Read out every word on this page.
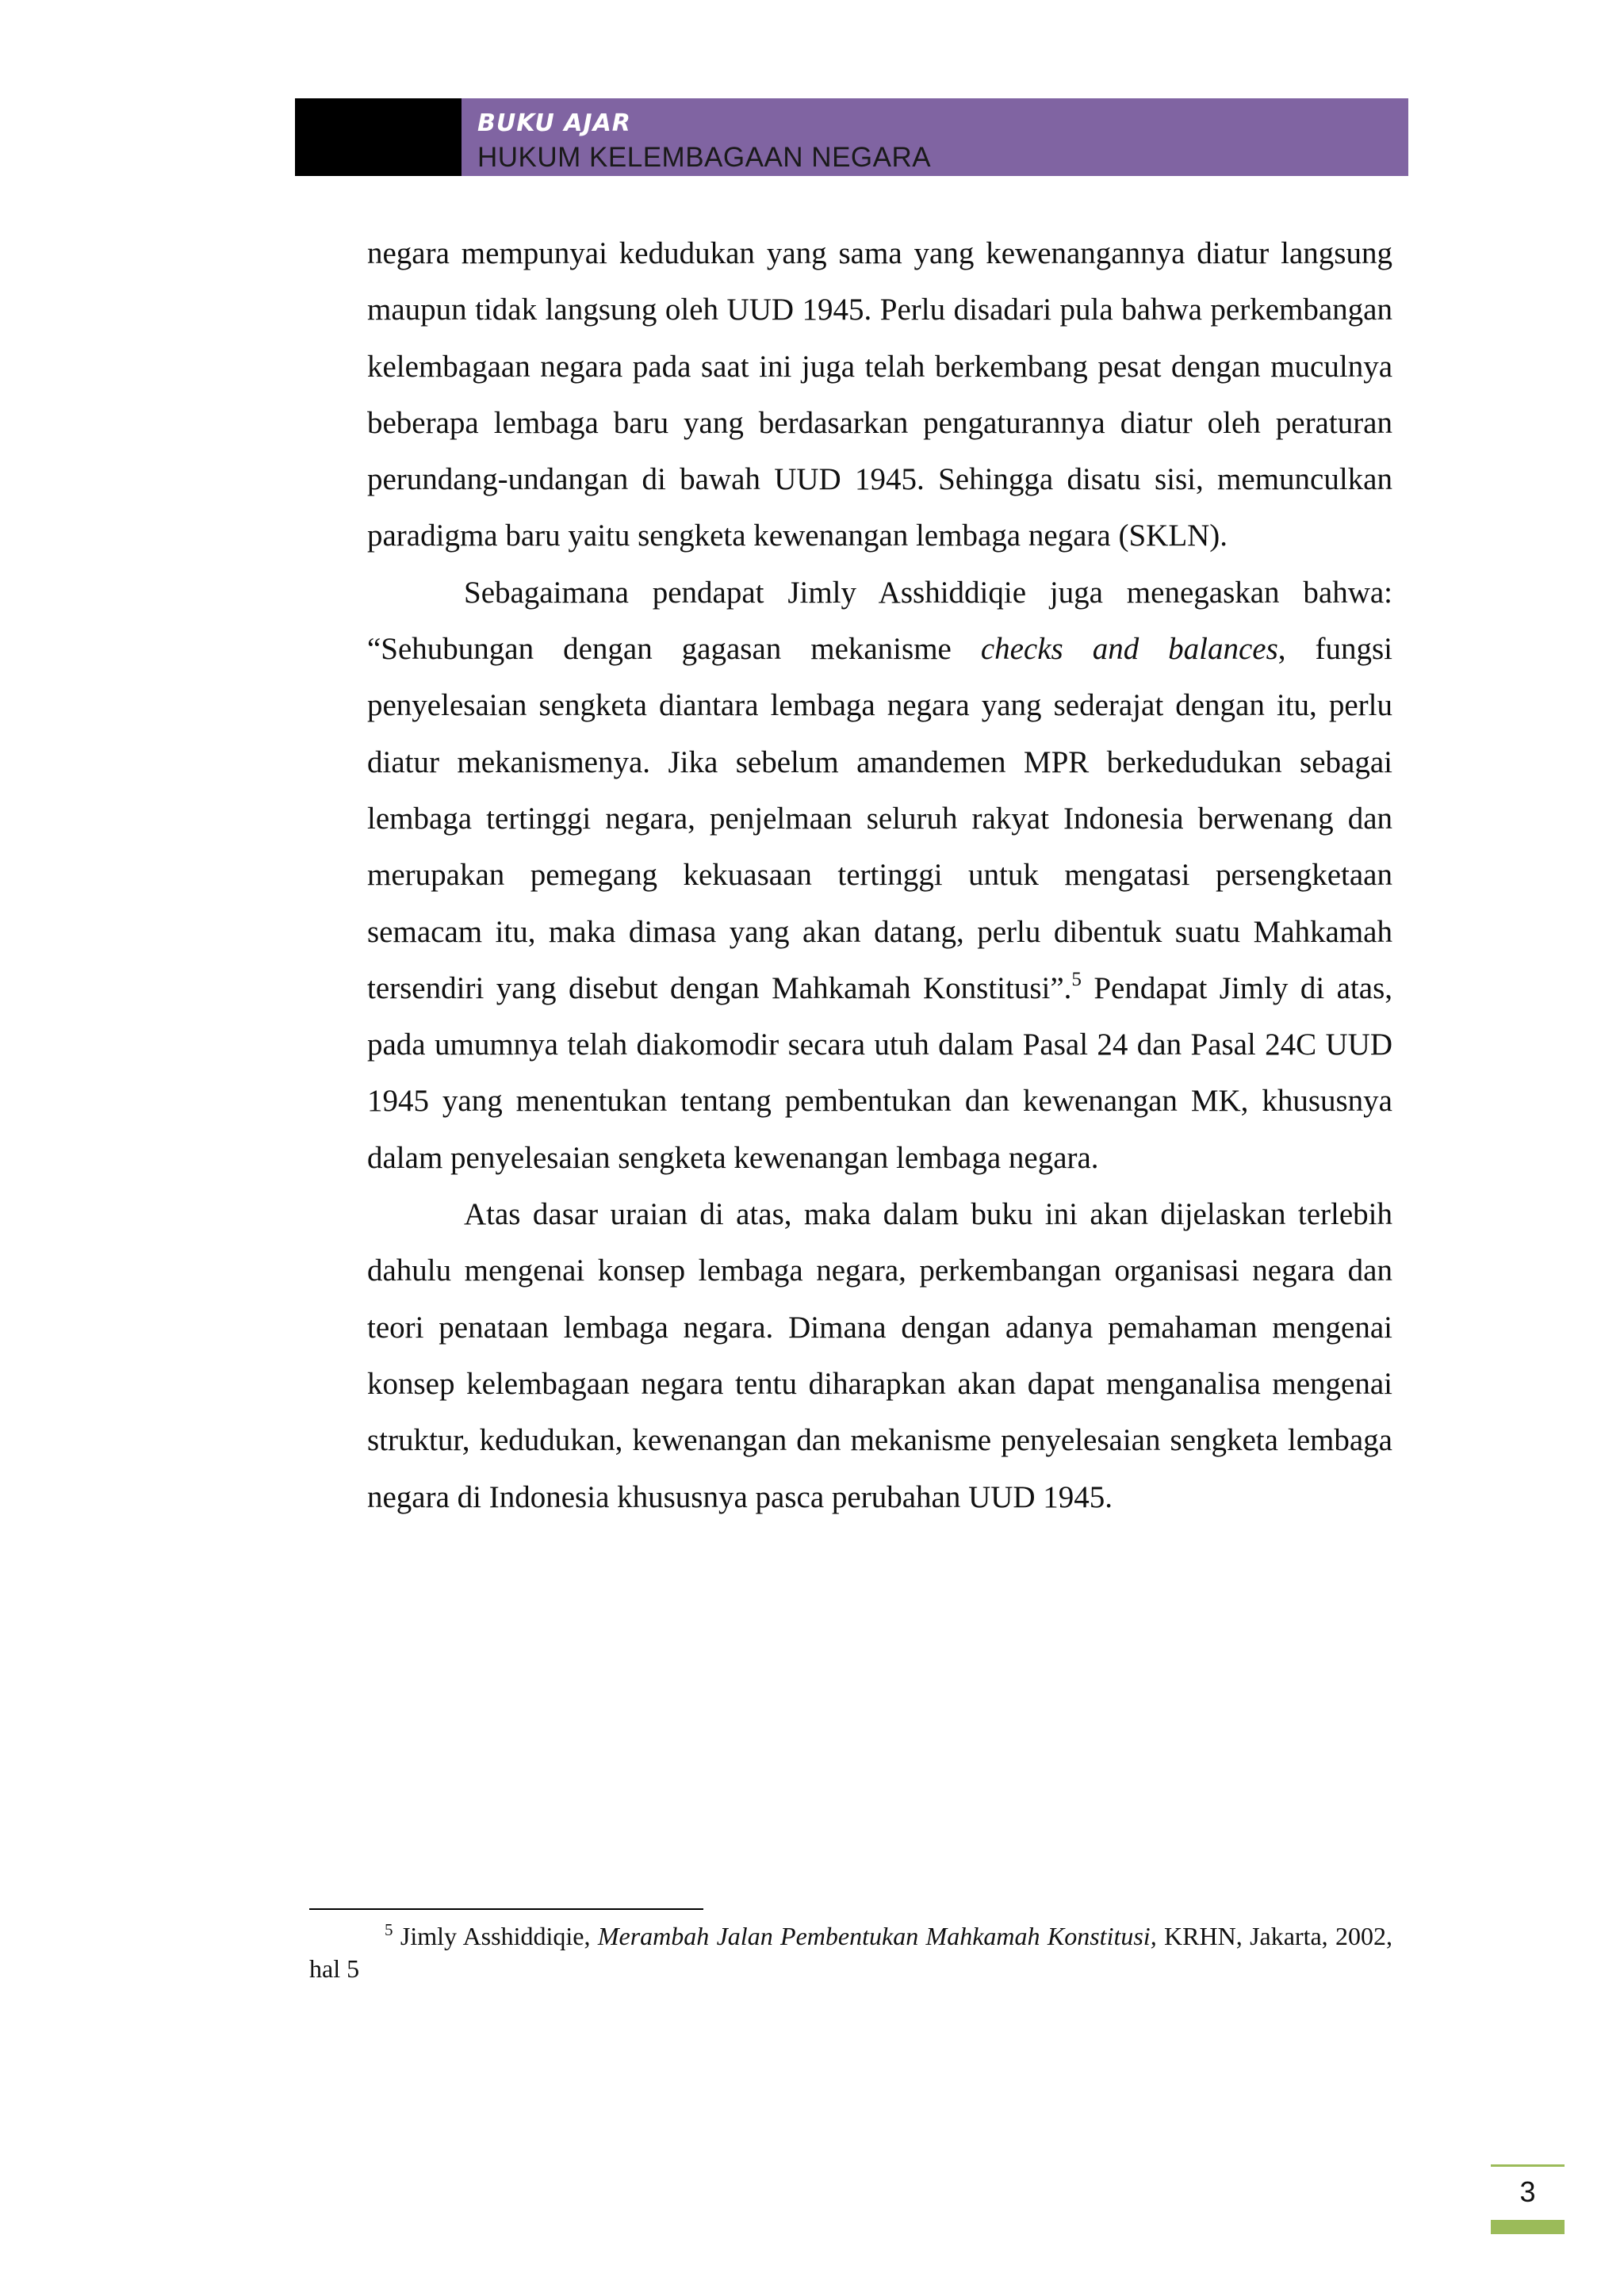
BUKU AJAR
HUKUM KELEMBAGAAN NEGARA

negara mempunyai kedudukan yang sama yang kewenangannya diatur langsung maupun tidak langsung oleh UUD 1945. Perlu disadari pula bahwa perkembangan kelembagaan negara pada saat ini juga telah berkembang pesat dengan muculnya beberapa lembaga baru yang berdasarkan pengaturannya diatur oleh peraturan perundang-undangan di bawah UUD 1945. Sehingga disatu sisi, memunculkan paradigma baru yaitu sengketa kewenangan lembaga negara (SKLN).

Sebagaimana pendapat Jimly Asshiddiqie juga menegaskan bahwa: “Sehubungan dengan gagasan mekanisme checks and balances, fungsi penyelesaian sengketa diantara lembaga negara yang sederajat dengan itu, perlu diatur mekanismenya. Jika sebelum amandemen MPR berkedudukan sebagai lembaga tertinggi negara, penjelmaan seluruh rakyat Indonesia berwenang dan merupakan pemegang kekuasaan tertinggi untuk mengatasi persengketaan semacam itu, maka dimasa yang akan datang, perlu dibentuk suatu Mahkamah tersendiri yang disebut dengan Mahkamah Konstitusi”.$^5$ Pendapat Jimly di atas, pada umumnya telah diakomodir secara utuh dalam Pasal 24 dan Pasal 24C UUD 1945 yang menentukan tentang pembentukan dan kewenangan MK, khususnya dalam penyelesaian sengketa kewenangan lembaga negara.

Atas dasar uraian di atas, maka dalam buku ini akan dijelaskan terlebih dahulu mengenai konsep lembaga negara, perkembangan organisasi negara dan teori penataan lembaga negara. Dimana dengan adanya pemahaman mengenai konsep kelembagaan negara tentu diharapkan akan dapat menganalisa mengenai struktur, kedudukan, kewenangan dan mekanisme penyelesaian sengketa lembaga negara di Indonesia khususnya pasca perubahan UUD 1945.

$^5$ Jimly Asshiddiqie, Merambah Jalan Pembentukan Mahkamah Konstitusi, KRHN, Jakarta, 2002, hal 5
3
